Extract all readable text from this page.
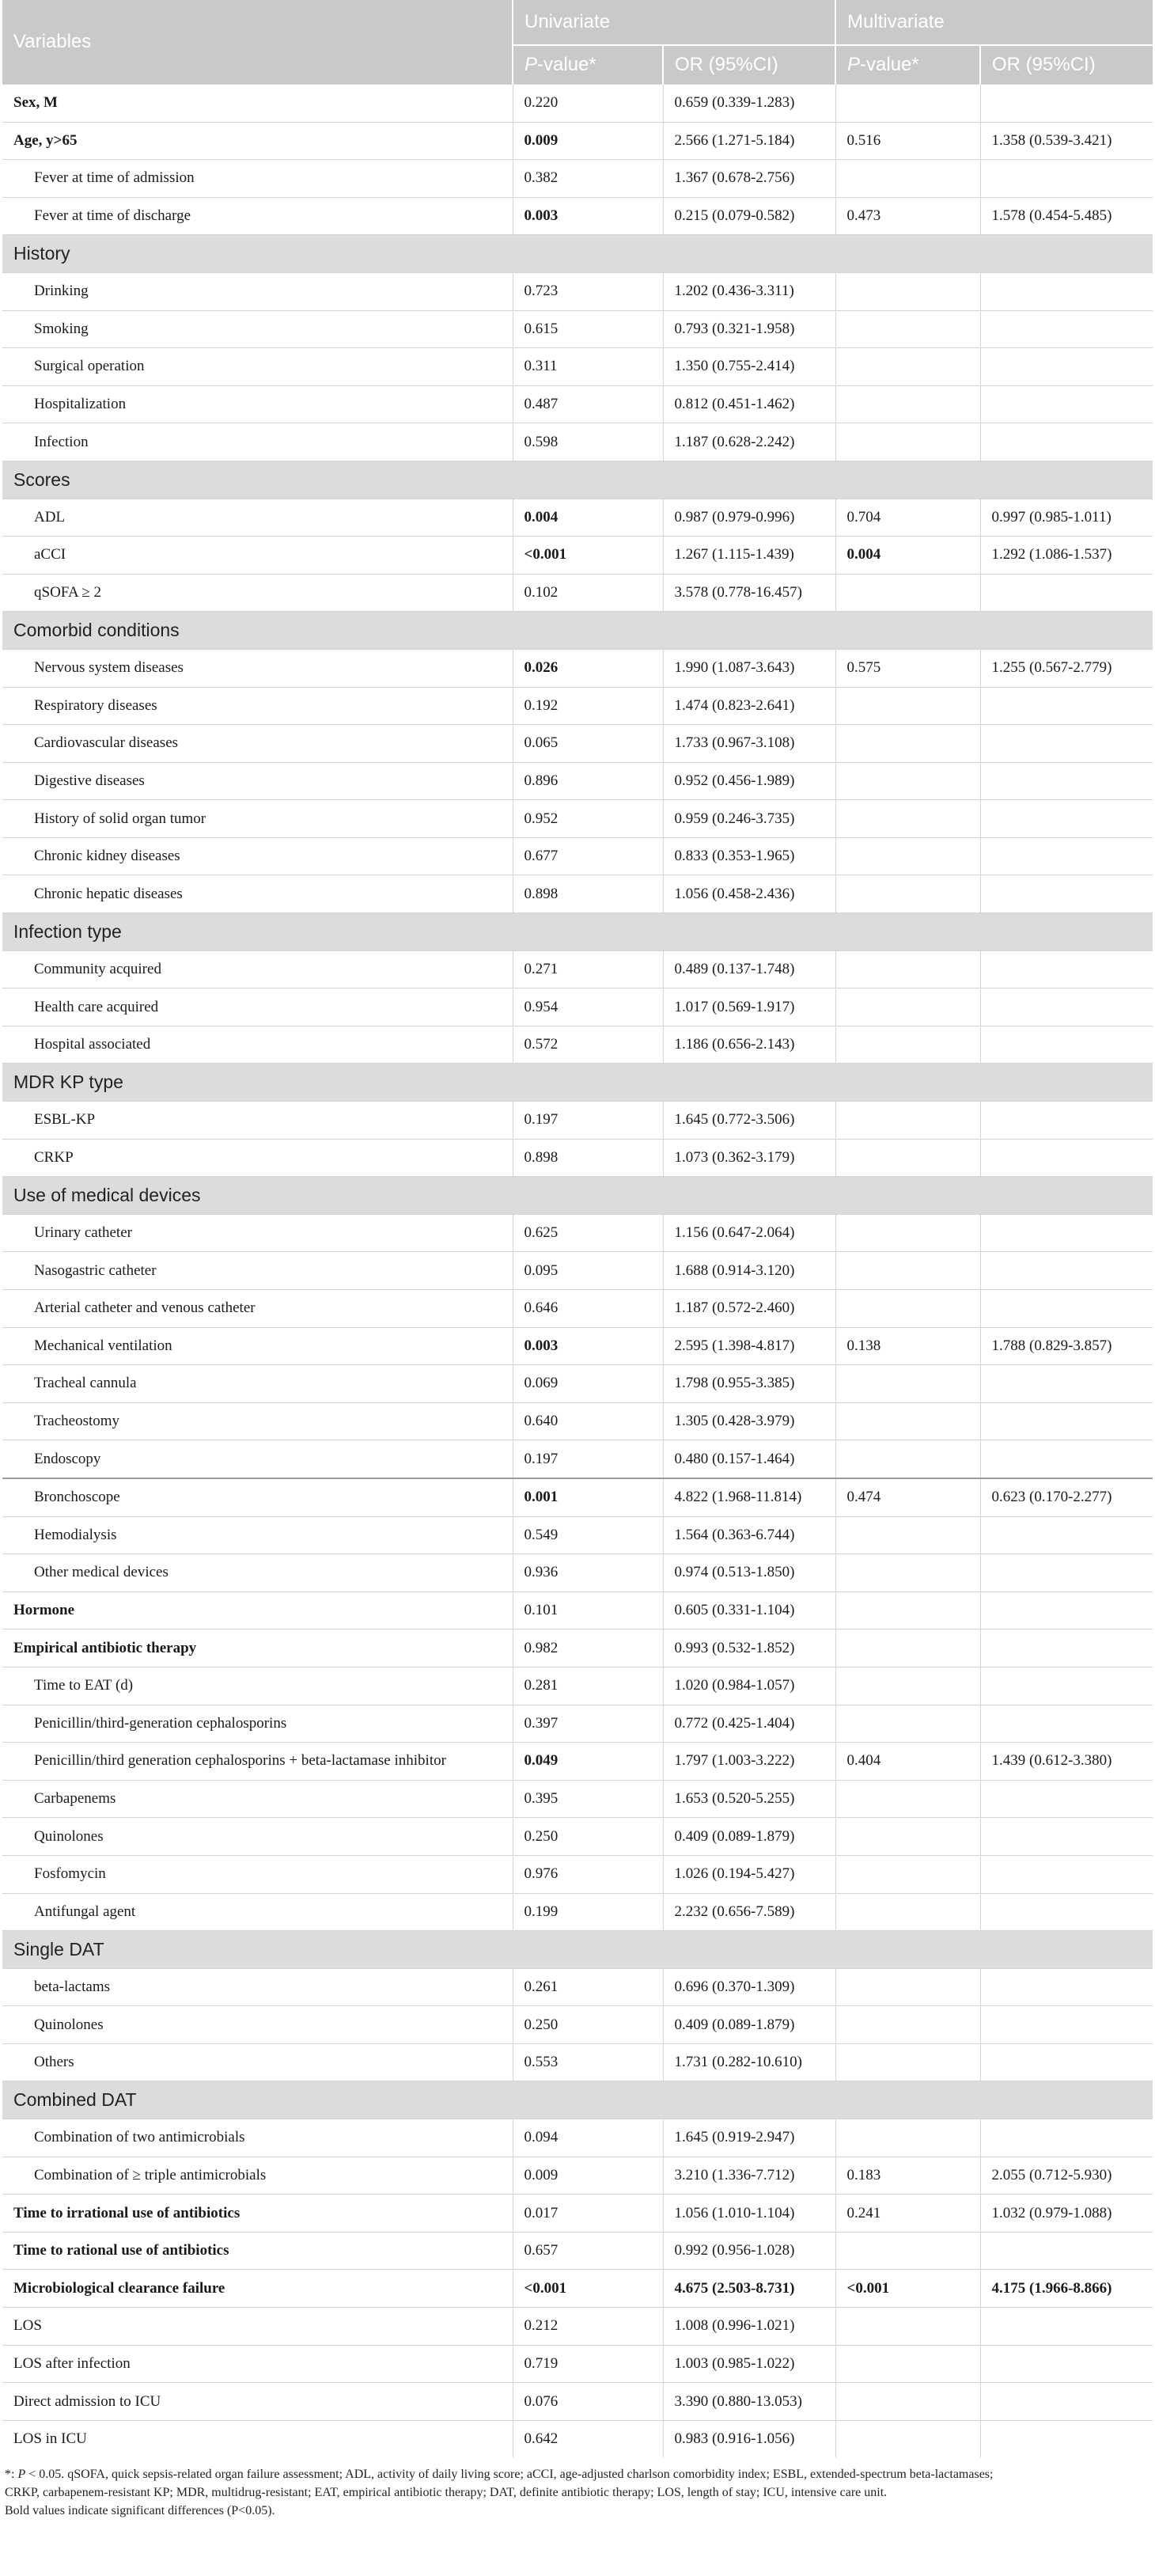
Variables	Univariate		Multivariate	
	P-value*	OR (95%CI)	P-value*	OR (95%CI)
Sex, M	0.220	0.659 (0.339-1.283)		
Age, y>65	0.009	2.566 (1.271-5.184)	0.516	1.358 (0.539-3.421)
Fever at time of admission	0.382	1.367 (0.678-2.756)		
Fever at time of discharge	0.003	0.215 (0.079-0.582)	0.473	1.578 (0.454-5.485)
History				
Drinking	0.723	1.202 (0.436-3.311)		
Smoking	0.615	0.793 (0.321-1.958)		
Surgical operation	0.311	1.350 (0.755-2.414)		
Hospitalization	0.487	0.812 (0.451-1.462)		
Infection	0.598	1.187 (0.628-2.242)		
Scores				
ADL	0.004	0.987 (0.979-0.996)	0.704	0.997 (0.985-1.011)
aCCI	<0.001	1.267 (1.115-1.439)	0.004	1.292 (1.086-1.537)
qSOFA ≥ 2	0.102	3.578 (0.778-16.457)		
Comorbid conditions				
Nervous system diseases	0.026	1.990 (1.087-3.643)	0.575	1.255 (0.567-2.779)
Respiratory diseases	0.192	1.474 (0.823-2.641)		
Cardiovascular diseases	0.065	1.733 (0.967-3.108)		
Digestive diseases	0.896	0.952 (0.456-1.989)		
History of solid organ tumor	0.952	0.959 (0.246-3.735)		
Chronic kidney diseases	0.677	0.833 (0.353-1.965)		
Chronic hepatic diseases	0.898	1.056 (0.458-2.436)		
Infection type				
Community acquired	0.271	0.489 (0.137-1.748)		
Health care acquired	0.954	1.017 (0.569-1.917)		
Hospital associated	0.572	1.186 (0.656-2.143)		
MDR KP type				
ESBL-KP	0.197	1.645 (0.772-3.506)		
CRKP	0.898	1.073 (0.362-3.179)		
Use of medical devices				
Urinary catheter	0.625	1.156 (0.647-2.064)		
Nasogastric catheter	0.095	1.688 (0.914-3.120)		
Arterial catheter and venous catheter	0.646	1.187 (0.572-2.460)		
Mechanical ventilation	0.003	2.595 (1.398-4.817)	0.138	1.788 (0.829-3.857)
Tracheal cannula	0.069	1.798 (0.955-3.385)		
Tracheostomy	0.640	1.305 (0.428-3.979)		
Endoscopy	0.197	0.480 (0.157-1.464)		
Bronchoscope	0.001	4.822 (1.968-11.814)	0.474	0.623 (0.170-2.277)
Hemodialysis	0.549	1.564 (0.363-6.744)		
Other medical devices	0.936	0.974 (0.513-1.850)		
Hormone	0.101	0.605 (0.331-1.104)		
Empirical antibiotic therapy	0.982	0.993 (0.532-1.852)		
Time to EAT (d)	0.281	1.020 (0.984-1.057)		
Penicillin/third-generation cephalosporins	0.397	0.772 (0.425-1.404)		
Penicillin/third generation cephalosporins + beta-lactamase inhibitor	0.049	1.797 (1.003-3.222)	0.404	1.439 (0.612-3.380)
Carbapenems	0.395	1.653 (0.520-5.255)		
Quinolones	0.250	0.409 (0.089-1.879)		
Fosfomycin	0.976	1.026 (0.194-5.427)		
Antifungal agent	0.199	2.232 (0.656-7.589)		
Single DAT				
beta-lactams	0.261	0.696 (0.370-1.309)		
Quinolones	0.250	0.409 (0.089-1.879)		
Others	0.553	1.731 (0.282-10.610)		
Combined DAT				
Combination of two antimicrobials	0.094	1.645 (0.919-2.947)		
Combination of ≥ triple antimicrobials	0.009	3.210 (1.336-7.712)	0.183	2.055 (0.712-5.930)
Time to irrational use of antibiotics	0.017	1.056 (1.010-1.104)	0.241	1.032 (0.979-1.088)
Time to rational use of antibiotics	0.657	0.992 (0.956-1.028)		
Microbiological clearance failure	<0.001	4.675 (2.503-8.731)	<0.001	4.175 (1.966-8.866)
LOS	0.212	1.008 (0.996-1.021)		
LOS after infection	0.719	1.003 (0.985-1.022)		
Direct admission to ICU	0.076	3.390 (0.880-13.053)		
LOS in ICU	0.642	0.983 (0.916-1.056)		
*: P < 0.05. qSOFA, quick sepsis-related organ failure assessment; ADL, activity of daily living score; aCCI, age-adjusted charlson comorbidity index; ESBL, extended-spectrum beta-lactamases;
CRKP, carbapenem-resistant KP; MDR, multidrug-resistant; EAT, empirical antibiotic therapy; DAT, definite antibiotic therapy; LOS, length of stay; ICU, intensive care unit.
Bold values indicate significant differences (P<0.05).
